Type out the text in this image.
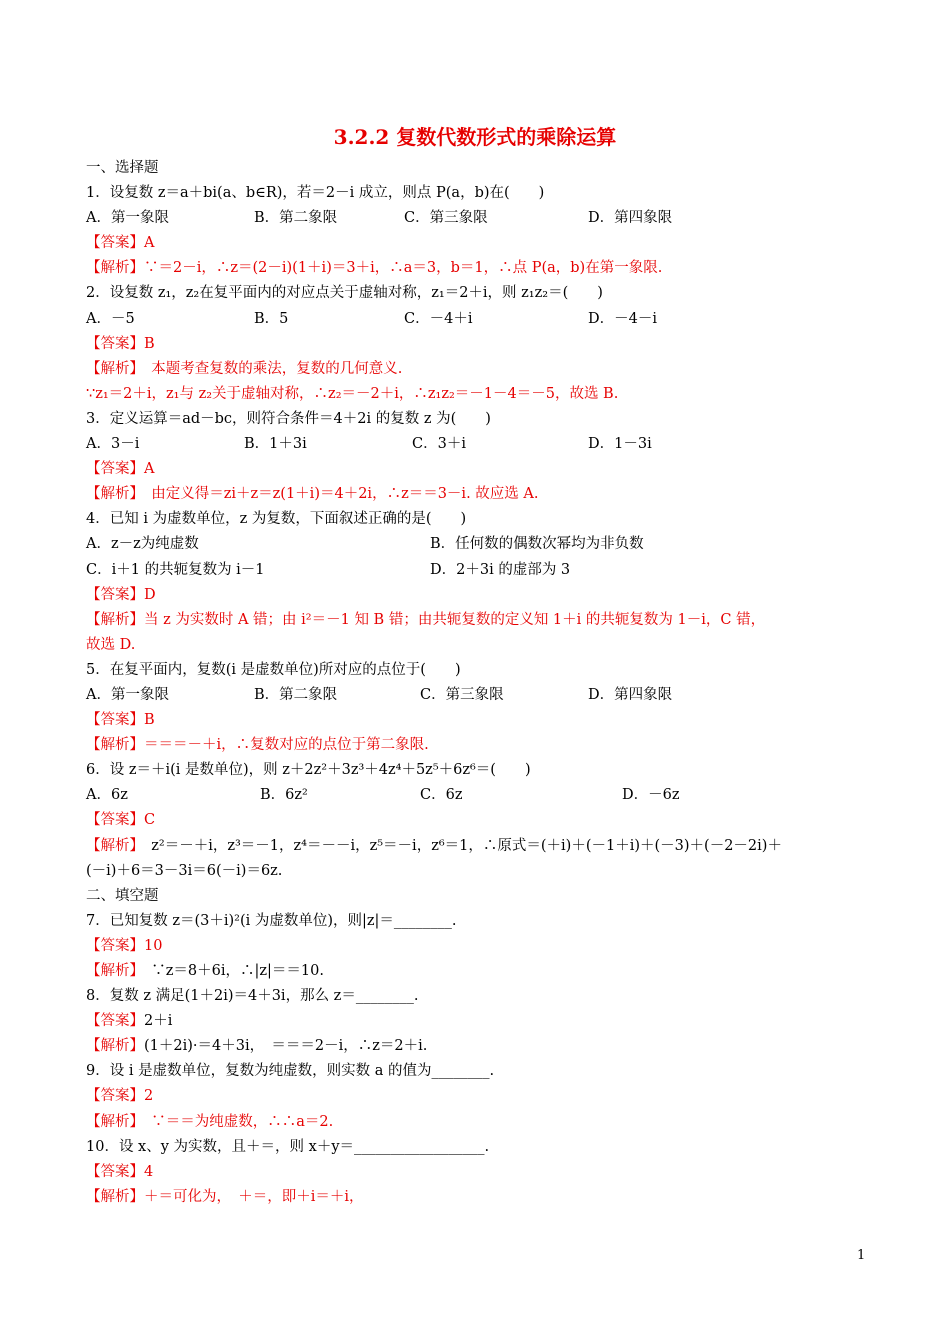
3.2.2 复数代数形式的乘除运算
一、选择题
1．设复数 z＝a＋bi(a、b∈R)，若＝2－i 成立，则点 P(a，b)在(　　)
A．第一象限	B．第二象限	C．第三象限	D．第四象限
【答案】A
【解析】∵＝2－i，∴z＝(2－i)(1＋i)＝3＋i，∴a＝3，b＝1，∴点 P(a，b)在第一象限.
2．设复数 z₁，z₂在复平面内的对应点关于虚轴对称，z₁＝2＋i，则 z₁z₂＝(　　)
A．－5	B．5	C．－4＋i	D．－4－i
【答案】B
【解析】　本题考查复数的乘法，复数的几何意义.
∵z₁＝2＋i，z₁与 z₂关于虚轴对称，∴z₂＝－2＋i，∴z₁z₂＝－1－4＝－5，故选 B.
3．定义运算＝ad－bc，则符合条件＝4＋2i 的复数 z 为(　　)
A．3－i	B．1＋3i	C．3＋i	D．1－3i
【答案】A
【解析】　由定义得＝zi＋z＝z(1＋i)＝4＋2i，∴z＝＝3－i. 故应选 A.
4．已知 i 为虚数单位，z 为复数，下面叙述正确的是(　　)
A．z－z为纯虚数	B．任何数的偶数次幂均为非负数
C．i＋1 的共轭复数为 i－1	D．2＋3i 的虚部为 3
【答案】D
【解析】当 z 为实数时 A 错；由 i²＝－1 知 B 错；由共轭复数的定义知 1＋i 的共轭复数为 1－i，C 错，
故选 D.
5．在复平面内，复数(i 是虚数单位)所对应的点位于(　　)
A．第一象限	B．第二象限	C．第三象限	D．第四象限
【答案】B
【解析】＝＝＝－＋i，∴复数对应的点位于第二象限.
6．设 z＝＋i(i 是数单位)，则 z＋2z²＋3z³＋4z⁴＋5z⁵＋6z⁶＝(　　)
A．6z	B．6z²	C．6z	D．－6z
【答案】C
【解析】　z²＝－＋i，z³＝－1，z⁴＝－－i，z⁵＝－i，z⁶＝1，∴原式＝(＋i)＋(－1＋i)＋(－3)＋(－2－2i)＋
(－i)＋6＝3－3i＝6(－i)＝6z.
二、填空题
7．已知复数 z＝(3＋i)²(i 为虚数单位)，则|z|＝________.
【答案】10
【解析】　∵z＝8＋6i，∴|z|＝＝10.
8．复数 z 满足(1＋2i)＝4＋3i，那么 z＝________.
【答案】2＋i
【解析】(1＋2i)·＝4＋3i，　＝＝＝2－i，∴z＝2＋i.
9．设 i 是虚数单位，复数为纯虚数，则实数 a 的值为________.
【答案】2
【解析】　∵＝＝为纯虚数，∴∴a＝2.
10．设 x、y 为实数，且＋＝，则 x＋y＝__________________.
【答案】4
【解析】＋＝可化为，　＋＝，即＋i＝＋i，
1
